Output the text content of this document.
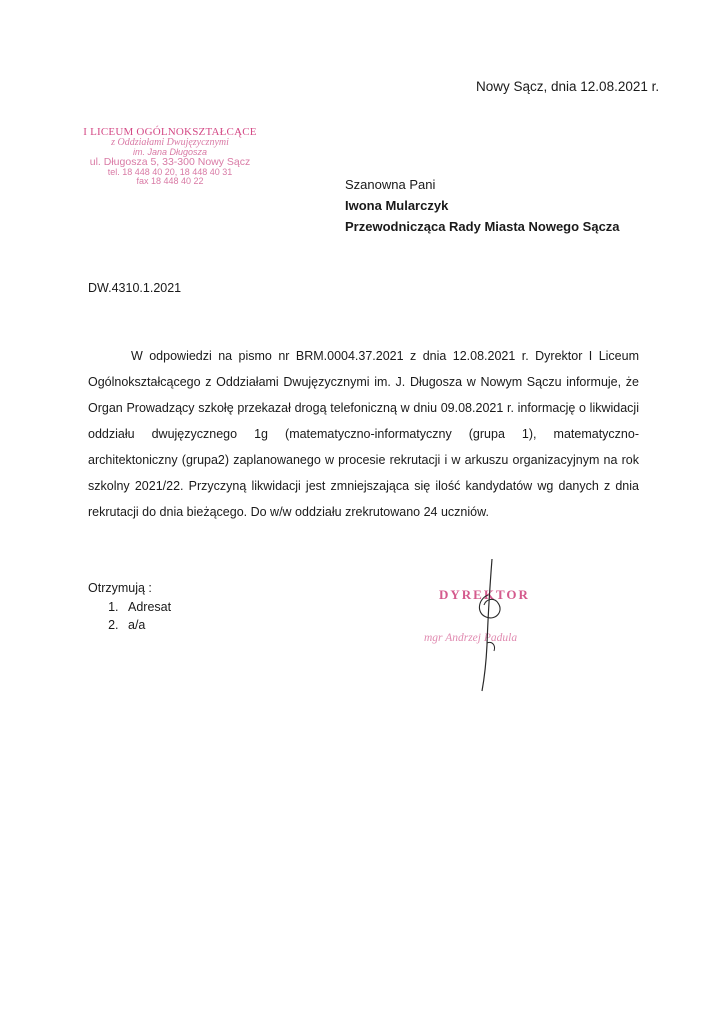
Nowy Sącz, dnia 12.08.2021 r.
I LICEUM OGÓLNOKSZTAŁCĄCE
z Oddziałami Dwujęzycznymi
im. Jana Długosza
ul. Długosza 5, 33-300 Nowy Sącz
tel. 18 448 40 20, 18 448 40 31
fax 18 448 40 22	Szanowna Pani
Iwona Mularczyk
Przewodnicząca Rady Miasta Nowego Sącza
DW.4310.1.2021

W odpowiedzi na pismo nr BRM.0004.37.2021 z dnia 12.08.2021 r. Dyrektor I Liceum Ogólnokształcącego z Oddziałami Dwujęzycznymi im. J. Długosza w Nowym Sączu informuje, że Organ Prowadzący szkołę przekazał drogą telefoniczną w dniu 09.08.2021 r. informację o likwidacji oddziału dwujęzycznego 1g (matematyczno-informatyczny (grupa 1), matematyczno-architektoniczny (grupa2) zaplanowanego w procesie rekrutacji i w arkuszu organizacyjnym na rok szkolny 2021/22. Przyczyną likwidacji jest zmniejszająca się ilość kandydatów wg danych z dnia rekrutacji do dnia bieżącego. Do w/w oddziału zrekrutowano 24 uczniów.

Otrzymują :
1. Adresat
2. a/a
DYREKTOR
mgr Andrzej Padula
